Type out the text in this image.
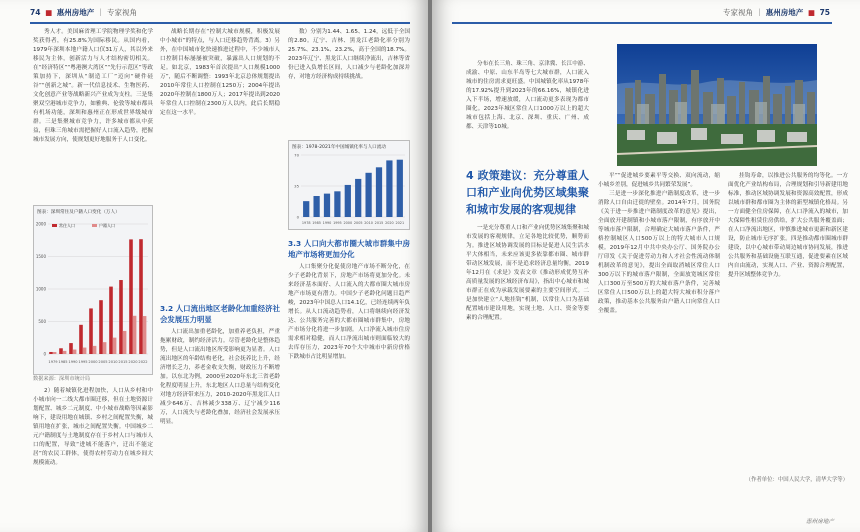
74 ■ 惠州房地产 ｜ 专家视角

秀人才。美国麻省理工学院物理学奖和化学奖获得者，有25.8%为国际移民。从国内看，1979年深圳本地户籍人口仅31万人，其以外来移民为主体，创新活力与人才结构密切相关。在“经济特区”“粤港澳大湾区”“先行示范区”等政策加持下，深圳从“制造工厂”迈向“硬件硅谷”“创新之城”。新一代信息技术、生物医药、文化创意产业等战略新兴产业成为支柱。三是集聚双空港城市竞争力，如雅典、伦敦等城市都具有机场功能，深圳和惠州正在形成世界级城市群。三是集聚城市竞争力，许多城市都从中获益，但珠三角城市需把握好人口流入趋势，把握城市发展方向，使规划更好地服务于人口变化。

图表：深圳常住及户籍人口变化（万人）
0
500
1000
1500
2000
1979 1985 1990 1995 2000 2005 2010 2015 2020 2022
常住人口	户籍人口
数据来源：深圳市统计局

2）随着城镇化进程加快，人口从乡村和中小城市向一二线大都市圈迁移，但在土地资源计划配置、城乡二元制度、中小城市战略等因素影响下，建设用地在城镇、乡村之间配置失衡，城镇用地在扩张，城市之间配置失衡。中国城乡二元户籍制度与土地制度存在于乡村人口与城市人口的配置，导致“进城不能落户，迁出不能定居”的农民工群体，使得农村劳动力在城乡间大规模流动。

战略长期存在“控制大城市规模，积极发展中小城市”的特点，与人口迁移趋势背离。3）另外，在中国城市化快速推进过程中，不少城市人口控制目标屡屡被突破，暴露出人口规划的不足。如北京，1983年首次提出“人口规模1000万”，随后不断调整：1993年北京总体规划提出2010年常住人口控制在1250万；2004年提出2020年控制在1800万人；2017年提出到2020年常住人口控制在2300万人以内，此后长期稳定在这一水平。

3.2 人口流出地区老龄化加重经济社会发展压力明显

人口流出加重老龄化，加重养老负担，严重拖累财政，制约经济活力。尽管老龄化是整体趋势，但是人口流出地区所受影响更为显著。人口流出地区的年龄结构老化，社会抚养比上升，经济增长乏力，养老金收支失衡，财政压力不断增加。以东北为例，2000至2020年东北三省老龄化程度明显上升，东北地区人口总量与结构变化对地方经济带来压力，2010-2020年黑龙江人口减少646万、吉林减少338万、辽宁减少116万，人口流失与老龄化叠加，经济社会发展承压明显。

数）分别为1.44、1.65、1.24，远低于全国的2.80。辽宁、吉林、黑龙江老龄化率分别为25.7%、23.1%、23.2%，高于全国的18.7%。2023年辽宁、黑龙江人口继续净流出，吉林等省份已进入负增长区间，人口减少与老龄化加深并存，对地方经济构成持续挑战。

图表：1978-2021年中国城镇化率与人口流动
0
35
70
1978 1985 1990 1995 2000 2005 2010 2015 2020 2021
3.3 人口向大都市圈大城市群集中房地产市场将更加分化

人口集聚分化促使房地产市场不断分化，在少子老龄化背景下，房地产市场将更加分化。未来经济基本面好、人口流入的大都市圈大城市房地产市场更有潜力。中国少子老龄化问题日趋严峻，2023年中国总人口14.1亿，已经连续两年负增长。从人口流动趋势看，人口将继续向经济发达、公共服务完善的大都市圈城市群集中，房地产市场分化将进一步加剧。人口净流入城市住房需求相对稳健，而人口净流出城市则面临较大的去库存压力，2023年70个大中城市中新房价格下跌城市占比明显增加。

专家视角 ｜ 惠州房地产 ■ 75

分布在长三角、珠三角、京津冀、长江中游、成渝、中原、山东半岛等七大城市群，人口流入城市的住房需求更旺盛。中国城镇化率从1978年的17.92%提升到2023年的66.16%，城镇化进入下半场，增速放缓，人口流动更多表现为都市圈化。2023年城区常住人口1000万以上的超大城市包括上海、北京、深圳、重庆、广州、成都、天津等10城。

4 政策建议：充分尊重人口和产业向优势区域集聚和城市发展的客观规律

一是充分尊重人口和产业向优势区域集聚和城市发展的客观规律，立足各地比较优势，顺势而为。推进区域协调发展的目标是促进人民生活水平大体相当，未来应该更多依靠都市圈、城市群带动区域发展，而不是追求经济总量均衡，2019年12月在《求是》发表文章《推动形成优势互补高质量发展的区域经济布局》，指出中心城市和城市群正在成为承载发展要素的主要空间形式。二是加快建立“人地挂钩”机制，以常住人口为基础配置城市建设用地，实现土地、人口、资金等要素的合理配置。

平”“促进城乡要素平等交换、双向流动，缩小城乡差别，促进城乡共同繁荣发展”。

三是进一步深化推进户籍制度改革，进一步消除人口自由迁徙的壁垒。2014年7月，国务院《关于进一步推进户籍制度改革的意见》提出，全面放开建制镇和小城市落户限制，有序放开中等城市落户限制，合理确定大城市落户条件，严格控制城区人口500万以上的特大城市人口规模。2019年12月中共中央办公厅、国务院办公厅印发《关于促进劳动力和人才社会性流动体制机制改革的意见》，提出全面取消城区常住人口300万以下的城市落户限制，全面放宽城区常住人口300万至500万的大城市落户条件，完善城区常住人口500万以上的超大特大城市积分落户政策，推动基本公共服务由户籍人口向常住人口全覆盖。

挂钩寿命，以推进公共服务的均等化。一方面优化产业结构布局，合理规划和引导新建用地标准，推动区域协调发展和资源高效配置，形成以城市群和都市圈为主体的新型城镇化格局。另一方面健全住房保障，在人口净流入的城市，加大保障性租赁住房供给，扩大公共服务覆盖面；在人口净流出地区，审慎推进城市更新和新区建设，防止城市无序扩张。四是推动都市圈城市群建设，以中心城市带动周边城市协同发展，推进公共服务和基础设施互联互通，促进要素在区域内自由流动，实现人口、产业、资源合理配置，提升区域整体竞争力。

（作者单位：中国人民大学，清华大学等）
惠州房地产
